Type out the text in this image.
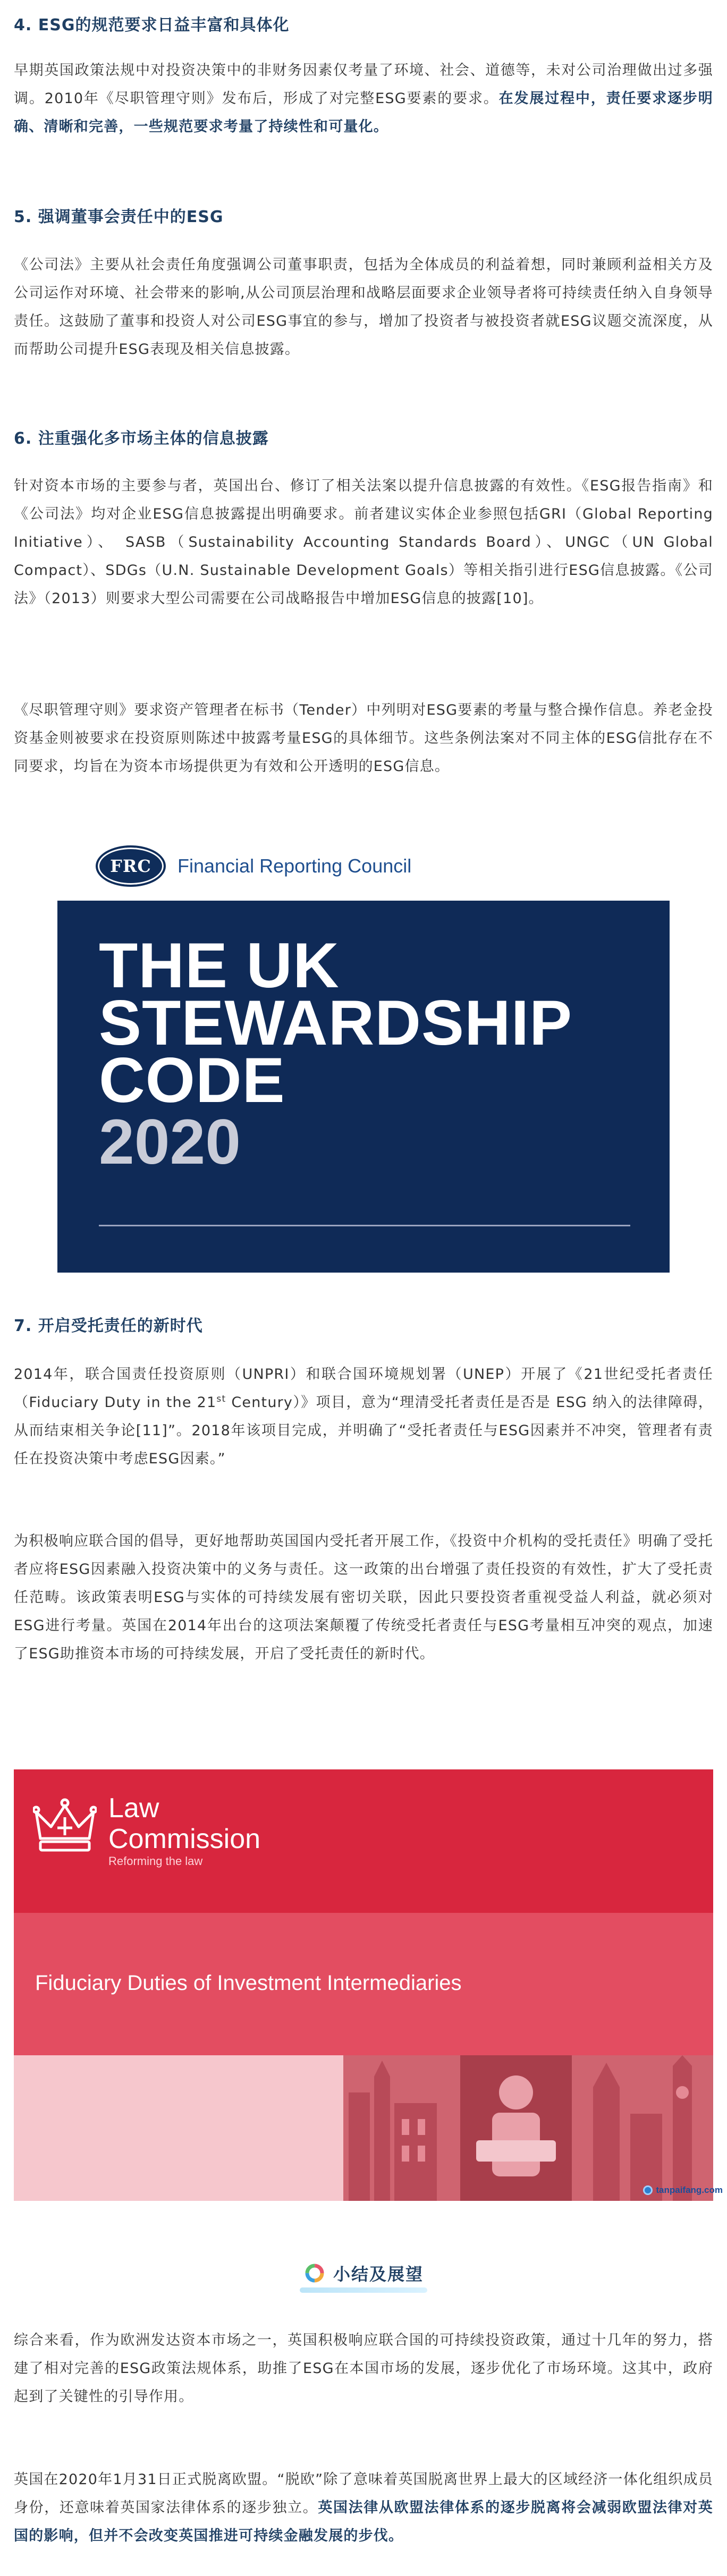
4. ESG的规范要求日益丰富和具体化

早期英国政策法规中对投资决策中的非财务因素仅考量了环境、社会、道德等，未对公司治理做出过多强调。2010年《尽职管理守则》发布后，形成了对完整ESG要素的要求。在发展过程中，责任要求逐步明确、清晰和完善，一些规范要求考量了持续性和可量化。

5. 强调董事会责任中的ESG

《公司法》主要从社会责任角度强调公司董事职责，包括为全体成员的利益着想，同时兼顾利益相关方及公司运作对环境、社会带来的影响,从公司顶层治理和战略层面要求企业领导者将可持续责任纳入自身领导责任。这鼓励了董事和投资人对公司ESG事宜的参与，增加了投资者与被投资者就ESG议题交流深度，从而帮助公司提升ESG表现及相关信息披露。

6. 注重强化多市场主体的信息披露

针对资本市场的主要参与者，英国出台、修订了相关法案以提升信息披露的有效性。《ESG报告指南》和《公司法》均对企业ESG信息披露提出明确要求。前者建议实体企业参照包括GRI（Global Reporting Initiative）、 SASB（Sustainability Accounting Standards Board）、UNGC（UN Global Compact）、SDGs（U.N. Sustainable Development Goals）等相关指引进行ESG信息披露。《公司法》（2013）则要求大型公司需要在公司战略报告中增加ESG信息的披露[10]。

《尽职管理守则》要求资产管理者在标书（Tender）中列明对ESG要素的考量与整合操作信息。养老金投资基金则被要求在投资原则陈述中披露考量ESG的具体细节。这些条例法案对不同主体的ESG信批存在不同要求，均旨在为资本市场提供更为有效和公开透明的ESG信息。

FRC	Financial Reporting Council
THE UK
STEWARDSHIP
CODE
2020
7. 开启受托责任的新时代

2014年，联合国责任投资原则（UNPRI）和联合国环境规划署（UNEP）开展了《21世纪受托者责任（Fiduciary Duty in the 21st Century）》项目，意为“理清受托者责任是否是 ESG 纳入的法律障碍，从而结束相关争论[11]”。2018年该项目完成，并明确了“受托者责任与ESG因素并不冲突，管理者有责任在投资决策中考虑ESG因素。”

为积极响应联合国的倡导，更好地帮助英国国内受托者开展工作，《投资中介机构的受托责任》明确了受托者应将ESG因素融入投资决策中的义务与责任。这一政策的出台增强了责任投资的有效性，扩大了受托责任范畴。该政策表明ESG与实体的可持续发展有密切关联，因此只要投资者重视受益人利益，就必须对ESG进行考量。英国在2014年出台的这项法案颠覆了传统受托者责任与ESG考量相互冲突的观点，加速了ESG助推资本市场的可持续发展，开启了受托责任的新时代。

Law
Commission
Reforming the law
Fiduciary Duties of Investment Intermediaries
tanpaifang.com
小结及展望

综合来看，作为欧洲发达资本市场之一，英国积极响应联合国的可持续投资政策，通过十几年的努力，搭建了相对完善的ESG政策法规体系，助推了ESG在本国市场的发展，逐步优化了市场环境。这其中，政府起到了关键性的引导作用。

英国在2020年1月31日正式脱离欧盟。“脱欧”除了意味着英国脱离世界上最大的区域经济一体化组织成员身份，还意味着英国家法律体系的逐步独立。英国法律从欧盟法律体系的逐步脱离将会减弱欧盟法律对英国的影响，但并不会改变英国推进可持续金融发展的步伐。
